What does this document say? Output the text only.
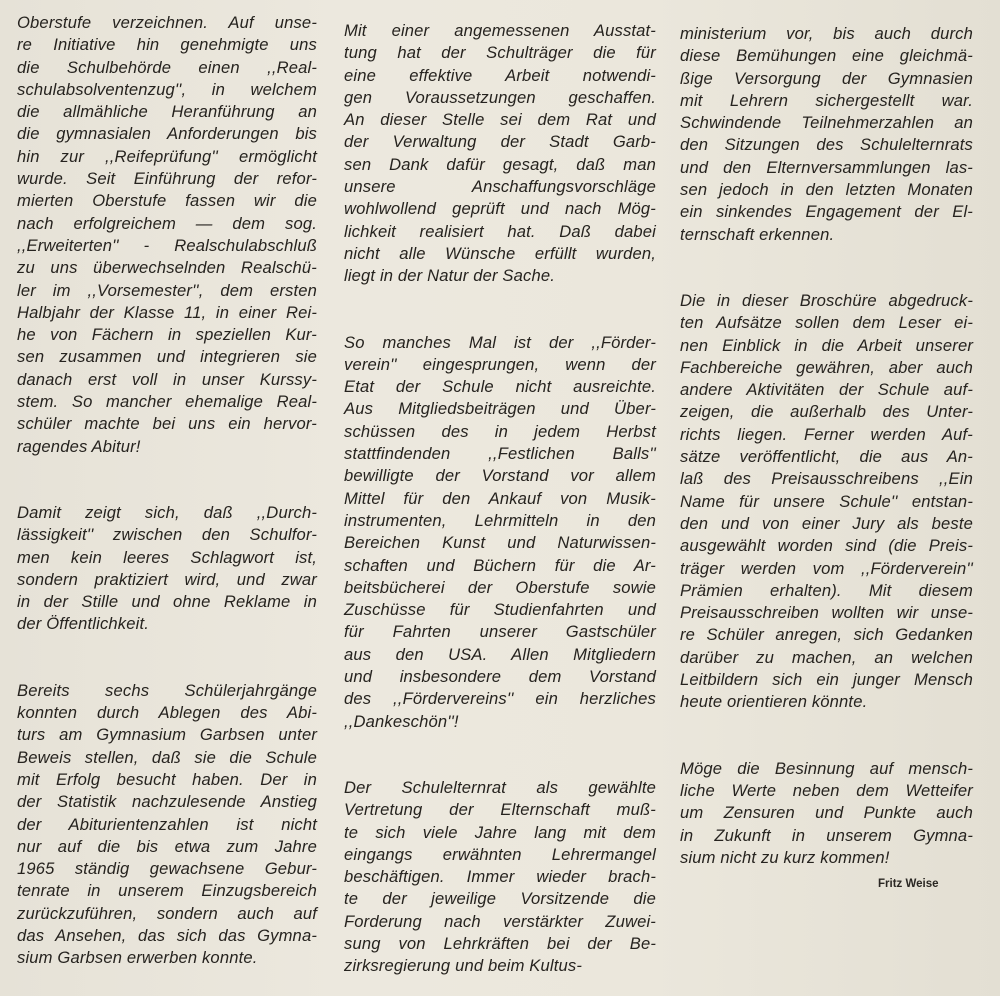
Oberstufe verzeichnen. Auf unse-
re Initiative hin genehmigte uns
die Schulbehörde einen ,,Real-
schulabsolventenzug'', in welchem
die allmähliche Heranführung an
die gymnasialen Anforderungen bis
hin zur ,,Reifeprüfung'' ermöglicht
wurde. Seit Einführung der refor-
mierten Oberstufe fassen wir die
nach erfolgreichem — dem sog.
,,Erweiterten'' - Realschulabschluß
zu uns überwechselnden Realschü-
ler im ,,Vorsemester'', dem ersten
Halbjahr der Klasse 11, in einer Rei-
he von Fächern in speziellen Kur-
sen zusammen und integrieren sie
danach erst voll in unser Kurssy-
stem. So mancher ehemalige Real-
schüler machte bei uns ein hervor-
ragendes Abitur!

Damit zeigt sich, daß ,,Durch-
lässigkeit'' zwischen den Schulfor-
men kein leeres Schlagwort ist,
sondern praktiziert wird, und zwar
in der Stille und ohne Reklame in
der Öffentlichkeit.

Bereits sechs Schülerjahrgänge
konnten durch Ablegen des Abi-
turs am Gymnasium Garbsen unter
Beweis stellen, daß sie die Schule
mit Erfolg besucht haben. Der in
der Statistik nachzulesende Anstieg
der Abiturientenzahlen ist nicht
nur auf die bis etwa zum Jahre
1965 ständig gewachsene Gebur-
tenrate in unserem Einzugsbereich
zurückzuführen, sondern auch auf
das Ansehen, das sich das Gymna-
sium Garbsen erwerben konnte.

Mit einer angemessenen Ausstat-
tung hat der Schulträger die für
eine effektive Arbeit notwendi-
gen Voraussetzungen geschaffen.
An dieser Stelle sei dem Rat und
der Verwaltung der Stadt Garb-
sen Dank dafür gesagt, daß man
unsere Anschaffungsvorschläge
wohlwollend geprüft und nach Mög-
lichkeit realisiert hat. Daß dabei
nicht alle Wünsche erfüllt wurden,
liegt in der Natur der Sache.

So manches Mal ist der ,,Förder-
verein'' eingesprungen, wenn der
Etat der Schule nicht ausreichte.
Aus Mitgliedsbeiträgen und Über-
schüssen des in jedem Herbst
stattfindenden ,,Festlichen Balls''
bewilligte der Vorstand vor allem
Mittel für den Ankauf von Musik-
instrumenten, Lehrmitteln in den
Bereichen Kunst und Naturwissen-
schaften und Büchern für die Ar-
beitsbücherei der Oberstufe sowie
Zuschüsse für Studienfahrten und
für Fahrten unserer Gastschüler
aus den USA. Allen Mitgliedern
und insbesondere dem Vorstand
des ,,Fördervereins'' ein herzliches
,,Dankeschön''!

Der Schulelternrat als gewählte
Vertretung der Elternschaft muß-
te sich viele Jahre lang mit dem
eingangs erwähnten Lehrermangel
beschäftigen. Immer wieder brach-
te der jeweilige Vorsitzende die
Forderung nach verstärkter Zuwei-
sung von Lehrkräften bei der Be-
zirksregierung und beim Kultus-

ministerium vor, bis auch durch
diese Bemühungen eine gleichmä-
ßige Versorgung der Gymnasien
mit Lehrern sichergestellt war.
Schwindende Teilnehmerzahlen an
den Sitzungen des Schulelternrats
und den Elternversammlungen las-
sen jedoch in den letzten Monaten
ein sinkendes Engagement der El-
ternschaft erkennen.

Die in dieser Broschüre abgedruck-
ten Aufsätze sollen dem Leser ei-
nen Einblick in die Arbeit unserer
Fachbereiche gewähren, aber auch
andere Aktivitäten der Schule auf-
zeigen, die außerhalb des Unter-
richts liegen. Ferner werden Auf-
sätze veröffentlicht, die aus An-
laß des Preisausschreibens ,,Ein
Name für unsere Schule'' entstan-
den und von einer Jury als beste
ausgewählt worden sind (die Preis-
träger werden vom ,,Förderverein''
Prämien erhalten). Mit diesem
Preisausschreiben wollten wir unse-
re Schüler anregen, sich Gedanken
darüber zu machen, an welchen
Leitbildern sich ein junger Mensch
heute orientieren könnte.

Möge die Besinnung auf mensch-
liche Werte neben dem Wetteifer
um Zensuren und Punkte auch
in Zukunft in unserem Gymna-
sium nicht zu kurz kommen!

Fritz Weise
